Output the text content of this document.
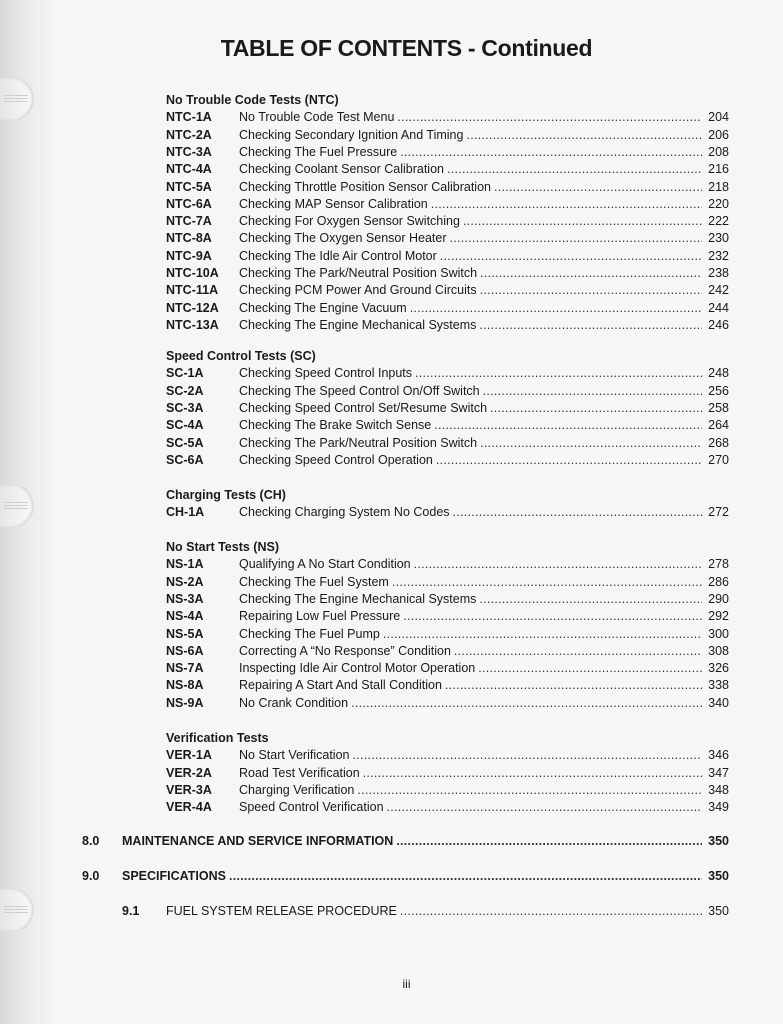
TABLE OF CONTENTS - Continued
No Trouble Code Tests (NTC)
NTC-1A	No Trouble Code Test Menu . . .	204
NTC-2A	Checking Secondary Ignition And Timing . . .	206
NTC-3A	Checking The Fuel Pressure . . .	208
NTC-4A	Checking Coolant Sensor Calibration . . .	216
NTC-5A	Checking Throttle Position Sensor Calibration . . .	218
NTC-6A	Checking MAP Sensor Calibration . . .	220
NTC-7A	Checking For Oxygen Sensor Switching . . .	222
NTC-8A	Checking The Oxygen Sensor Heater . . .	230
NTC-9A	Checking The Idle Air Control Motor . . .	232
NTC-10A	Checking The Park/Neutral Position Switch . . .	238
NTC-11A	Checking PCM Power And Ground Circuits . . .	242
NTC-12A	Checking The Engine Vacuum . . .	244
NTC-13A	Checking The Engine Mechanical Systems . . .	246
Speed Control Tests (SC)
SC-1A	Checking Speed Control Inputs . . .	248
SC-2A	Checking The Speed Control On/Off Switch . . .	256
SC-3A	Checking Speed Control Set/Resume Switch . . .	258
SC-4A	Checking The Brake Switch Sense . . .	264
SC-5A	Checking The Park/Neutral Position Switch . . .	268
SC-6A	Checking Speed Control Operation . . .	270
Charging Tests (CH)
CH-1A	Checking Charging System No Codes . . .	272
No Start Tests (NS)
NS-1A	Qualifying A No Start Condition . . .	278
NS-2A	Checking The Fuel System . . .	286
NS-3A	Checking The Engine Mechanical Systems . . .	290
NS-4A	Repairing Low Fuel Pressure . . .	292
NS-5A	Checking The Fuel Pump . . .	300
NS-6A	Correcting A “No Response” Condition . . .	308
NS-7A	Inspecting Idle Air Control Motor Operation . . .	326
NS-8A	Repairing A Start And Stall Condition . . .	338
NS-9A	No Crank Condition . . .	340
Verification Tests
VER-1A	No Start Verification . . .	346
VER-2A	Road Test Verification . . .	347
VER-3A	Charging Verification . . .	348
VER-4A	Speed Control Verification . . .	349
8.0	MAINTENANCE AND SERVICE INFORMATION . . .	350
9.0	SPECIFICATIONS . . .	350
9.1	FUEL SYSTEM RELEASE PROCEDURE . . .	350
iii
